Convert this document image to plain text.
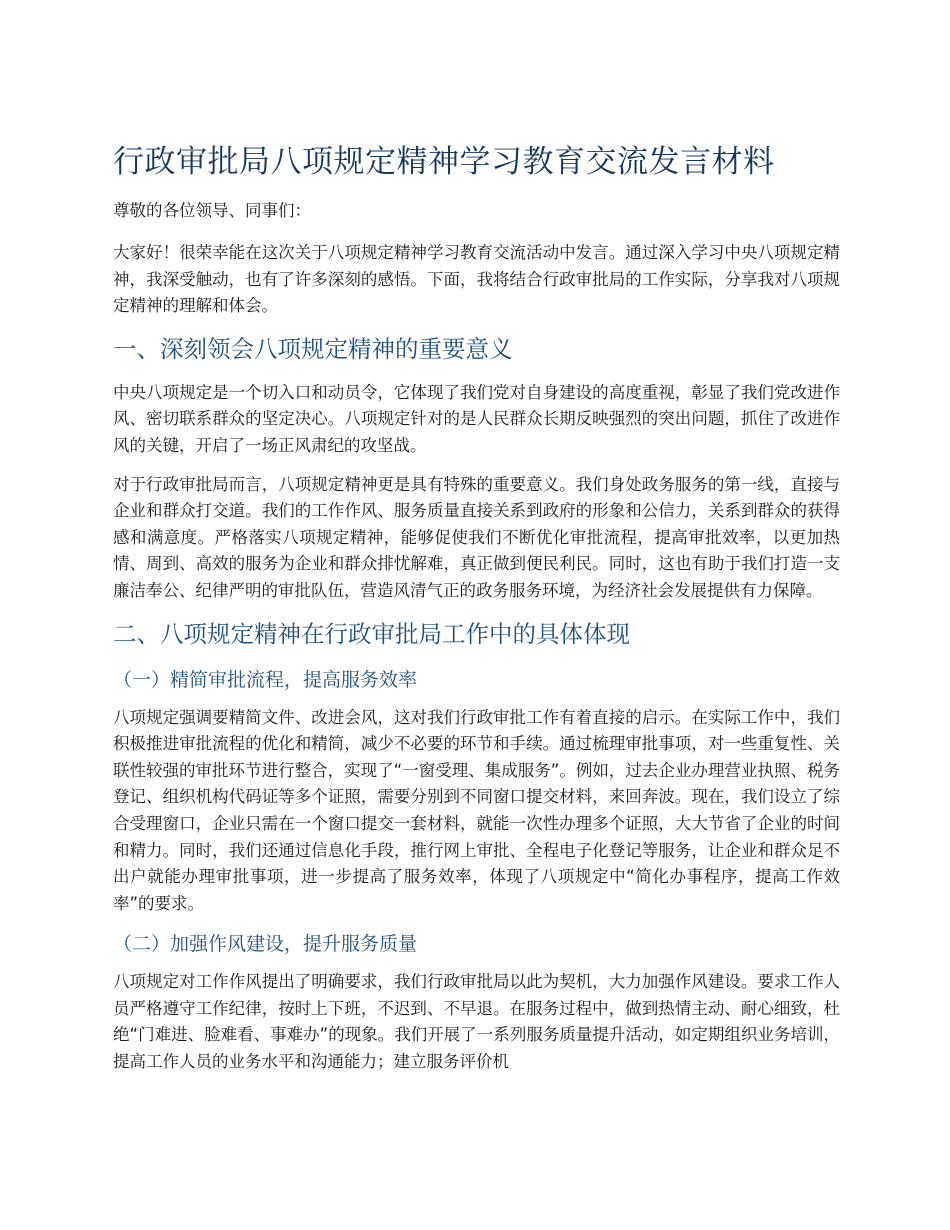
行政审批局八项规定精神学习教育交流发言材料

尊敬的各位领导、同事们：

大家好！很荣幸能在这次关于八项规定精神学习教育交流活动中发言。通过深入学习中央八项规定精神，我深受触动，也有了许多深刻的感悟。下面，我将结合行政审批局的工作实际，分享我对八项规定精神的理解和体会。

一、深刻领会八项规定精神的重要意义

中央八项规定是一个切入口和动员令，它体现了我们党对自身建设的高度重视，彰显了我们党改进作风、密切联系群众的坚定决心。八项规定针对的是人民群众长期反映强烈的突出问题，抓住了改进作风的关键，开启了一场正风肃纪的攻坚战。

对于行政审批局而言，八项规定精神更是具有特殊的重要意义。我们身处政务服务的第一线，直接与企业和群众打交道。我们的工作作风、服务质量直接关系到政府的形象和公信力，关系到群众的获得感和满意度。严格落实八项规定精神，能够促使我们不断优化审批流程，提高审批效率，以更加热情、周到、高效的服务为企业和群众排忧解难，真正做到便民利民。同时，这也有助于我们打造一支廉洁奉公、纪律严明的审批队伍，营造风清气正的政务服务环境，为经济社会发展提供有力保障。

二、八项规定精神在行政审批局工作中的具体体现
（一）精简审批流程，提高服务效率

八项规定强调要精简文件、改进会风，这对我们行政审批工作有着直接的启示。在实际工作中，我们积极推进审批流程的优化和精简，减少不必要的环节和手续。通过梳理审批事项，对一些重复性、关联性较强的审批环节进行整合，实现了“一窗受理、集成服务”。例如，过去企业办理营业执照、税务登记、组织机构代码证等多个证照，需要分别到不同窗口提交材料，来回奔波。现在，我们设立了综合受理窗口，企业只需在一个窗口提交一套材料，就能一次性办理多个证照，大大节省了企业的时间和精力。同时，我们还通过信息化手段，推行网上审批、全程电子化登记等服务，让企业和群众足不出户就能办理审批事项，进一步提高了服务效率，体现了八项规定中“简化办事程序，提高工作效率”的要求。

（二）加强作风建设，提升服务质量

八项规定对工作作风提出了明确要求，我们行政审批局以此为契机，大力加强作风建设。要求工作人员严格遵守工作纪律，按时上下班，不迟到、不早退。在服务过程中，做到热情主动、耐心细致，杜绝“门难进、脸难看、事难办”的现象。我们开展了一系列服务质量提升活动，如定期组织业务培训，提高工作人员的业务水平和沟通能力；建立服务评价机
